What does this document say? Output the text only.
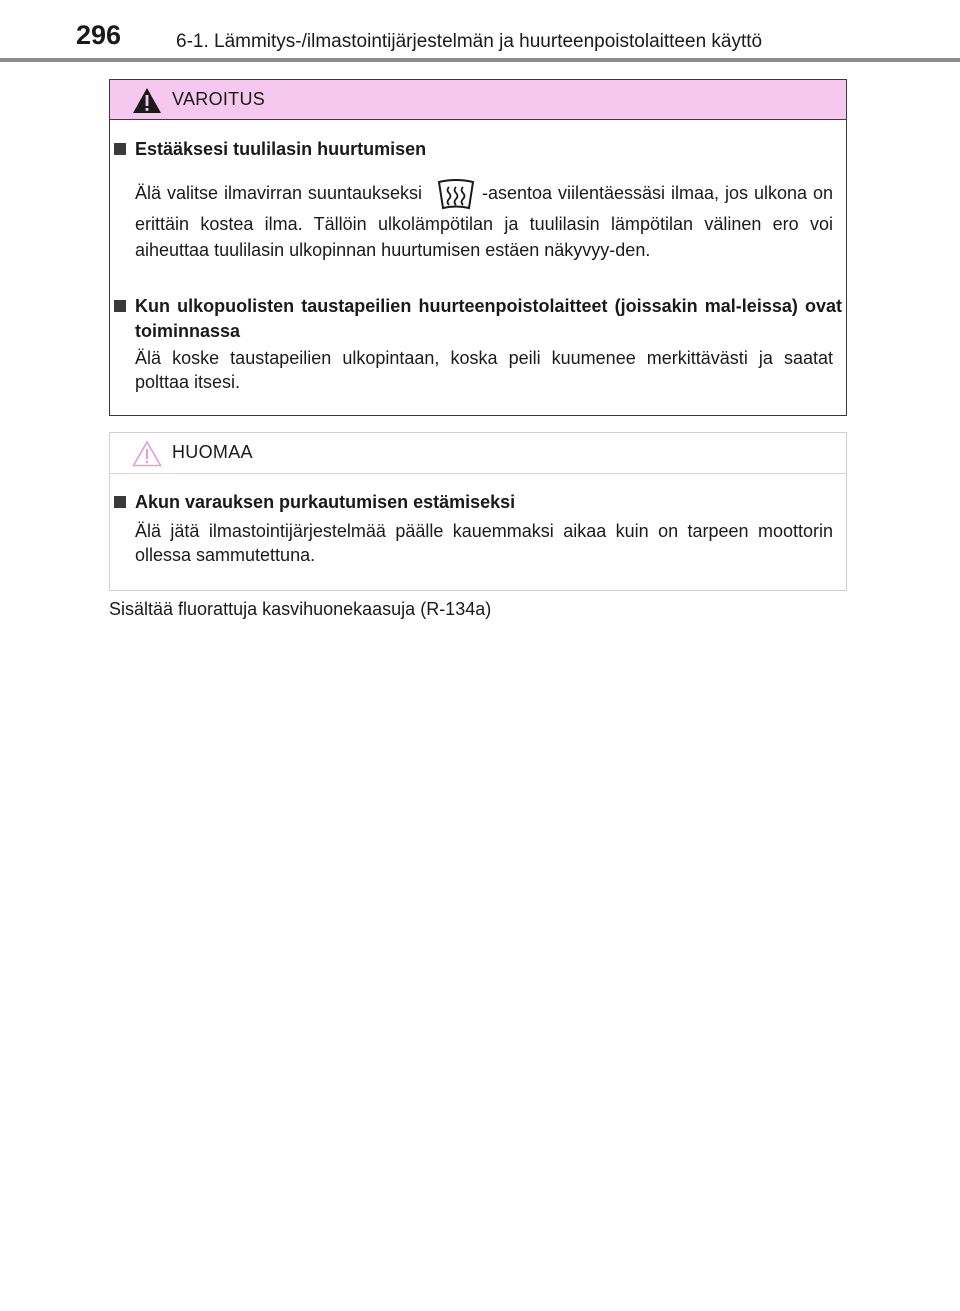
296	6-1. Lämmitys-/ilmastointijärjestelmän ja huurteenpoistolaitteen käyttö
VAROITUS
Estääksesi tuulilasin huurtumisen
Älä valitse ilmavirran suuntaukseksi	-asentoa viilentäessäsi ilmaa, jos ulkona on erittäin kostea ilma. Tällöin ulkolämpötilan ja tuulilasin lämpötilan välinen ero voi aiheuttaa tuulilasin ulkopinnan huurtumisen estäen näkyvyy-den.
Kun ulkopuolisten taustapeilien huurteenpoistolaitteet (joissakin mal-leissa) ovat toiminnassa
Älä koske taustapeilien ulkopintaan, koska peili kuumenee merkittävästi ja saatat polttaa itsesi.
HUOMAA
Akun varauksen purkautumisen estämiseksi
Älä jätä ilmastointijärjestelmää päälle kauemmaksi aikaa kuin on tarpeen moottorin ollessa sammutettuna.
Sisältää fluorattuja kasvihuonekaasuja (R-134a)
